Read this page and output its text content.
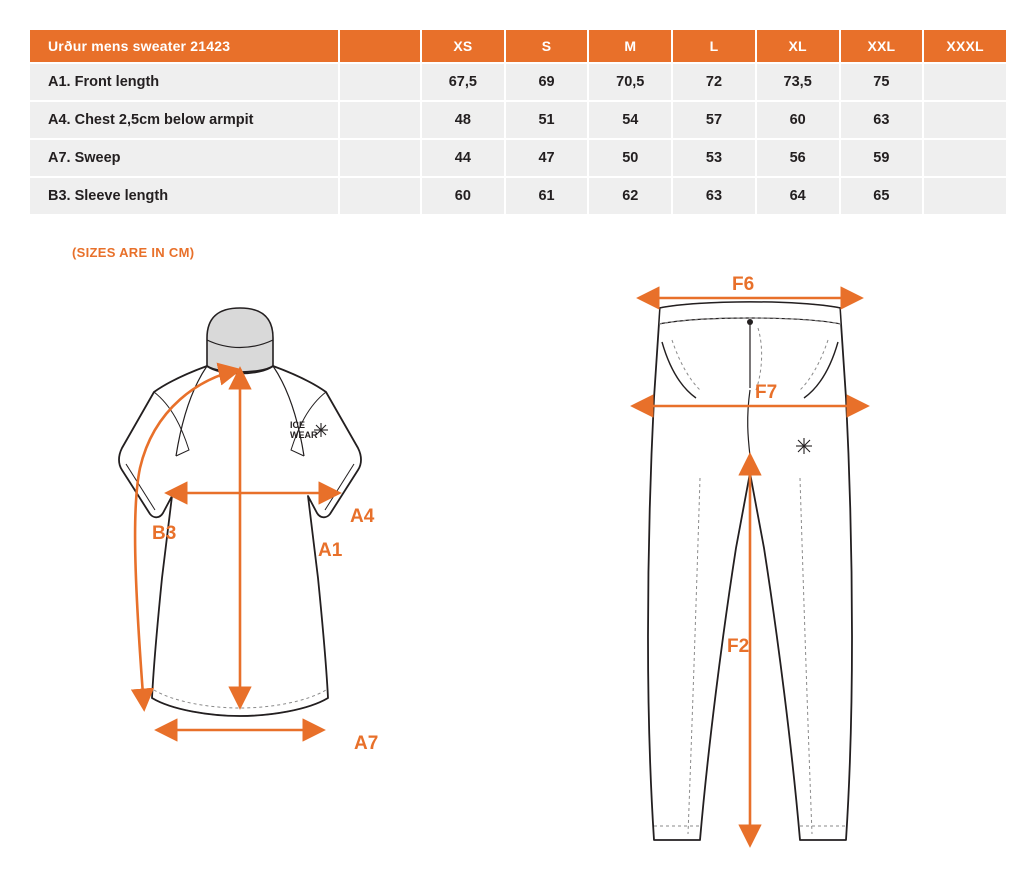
Urður mens sweater 21423		XS	S	M	L	XL	XXL	XXXL
A1. Front length		67,5	69	70,5	72	73,5	75	
A4. Chest 2,5cm below armpit		48	51	54	57	60	63	
A7. Sweep		44	47	50	53	56	59	
B3. Sleeve length		60	61	62	63	64	65	
(SIZES ARE IN CM)
ICE
WEAR
B3
A4
A1
A7
F6
F7
F2
